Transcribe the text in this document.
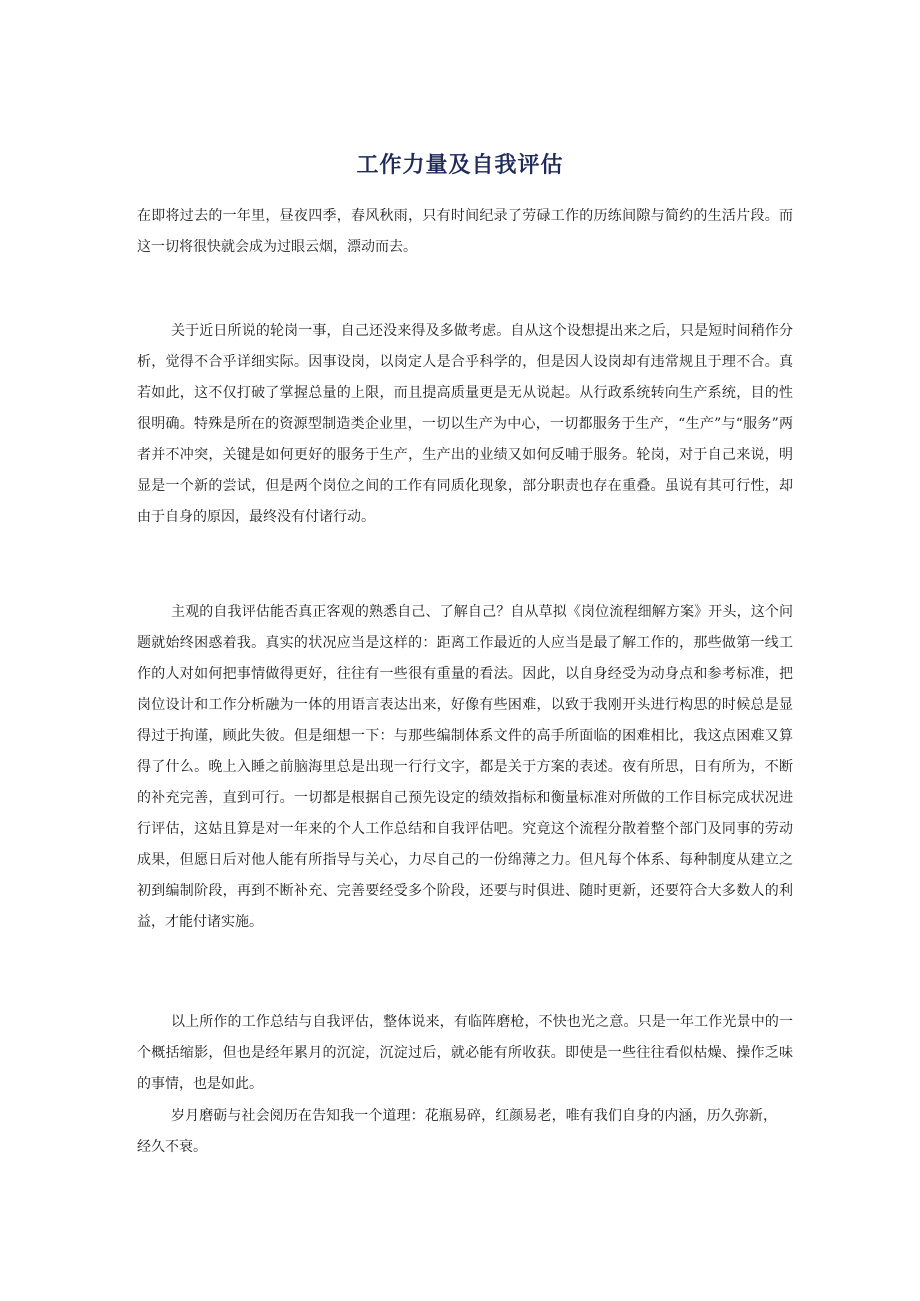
工作力量及自我评估

在即将过去的一年里，昼夜四季，春风秋雨，只有时间纪录了劳碌工作的历练间隙与简约的生活片段。而这一切将很快就会成为过眼云烟，漂动而去。

关于近日所说的轮岗一事，自己还没来得及多做考虑。自从这个设想提出来之后，只是短时间稍作分析，觉得不合乎详细实际。因事设岗，以岗定人是合乎科学的，但是因人设岗却有违常规且于理不合。真若如此，这不仅打破了掌握总量的上限，而且提高质量更是无从说起。从行政系统转向生产系统，目的性很明确。特殊是所在的资源型制造类企业里，一切以生产为中心，一切都服务于生产，“生产”与“服务”两者并不冲突，关键是如何更好的服务于生产，生产出的业绩又如何反哺于服务。轮岗，对于自己来说，明显是一个新的尝试，但是两个岗位之间的工作有同质化现象，部分职责也存在重叠。虽说有其可行性，却由于自身的原因，最终没有付诸行动。

主观的自我评估能否真正客观的熟悉自己、了解自己？自从草拟《岗位流程细解方案》开头，这个问题就始终困惑着我。真实的状况应当是这样的：距离工作最近的人应当是最了解工作的，那些做第一线工作的人对如何把事情做得更好，往往有一些很有重量的看法。因此，以自身经受为动身点和参考标准，把岗位设计和工作分析融为一体的用语言表达出来，好像有些困难，以致于我刚开头进行构思的时候总是显得过于拘谨，顾此失彼。但是细想一下：与那些编制体系文件的高手所面临的困难相比，我这点困难又算得了什么。晚上入睡之前脑海里总是出现一行行文字，都是关于方案的表述。夜有所思，日有所为，不断的补充完善，直到可行。一切都是根据自己预先设定的绩效指标和衡量标准对所做的工作目标完成状况进行评估，这姑且算是对一年来的个人工作总结和自我评估吧。究竟这个流程分散着整个部门及同事的劳动成果，但愿日后对他人能有所指导与关心，力尽自己的一份绵薄之力。但凡每个体系、每种制度从建立之初到编制阶段，再到不断补充、完善要经受多个阶段，还要与时俱进、随时更新，还要符合大多数人的利益，才能付诸实施。

以上所作的工作总结与自我评估，整体说来，有临阵磨枪，不快也光之意。只是一年工作光景中的一个概括缩影，但也是经年累月的沉淀，沉淀过后，就必能有所收获。即使是一些往往看似枯燥、操作乏味的事情，也是如此。

岁月磨砺与社会阅历在告知我一个道理：花瓶易碎，红颜易老，唯有我们自身的内涵，历久弥新，经久不衰。
